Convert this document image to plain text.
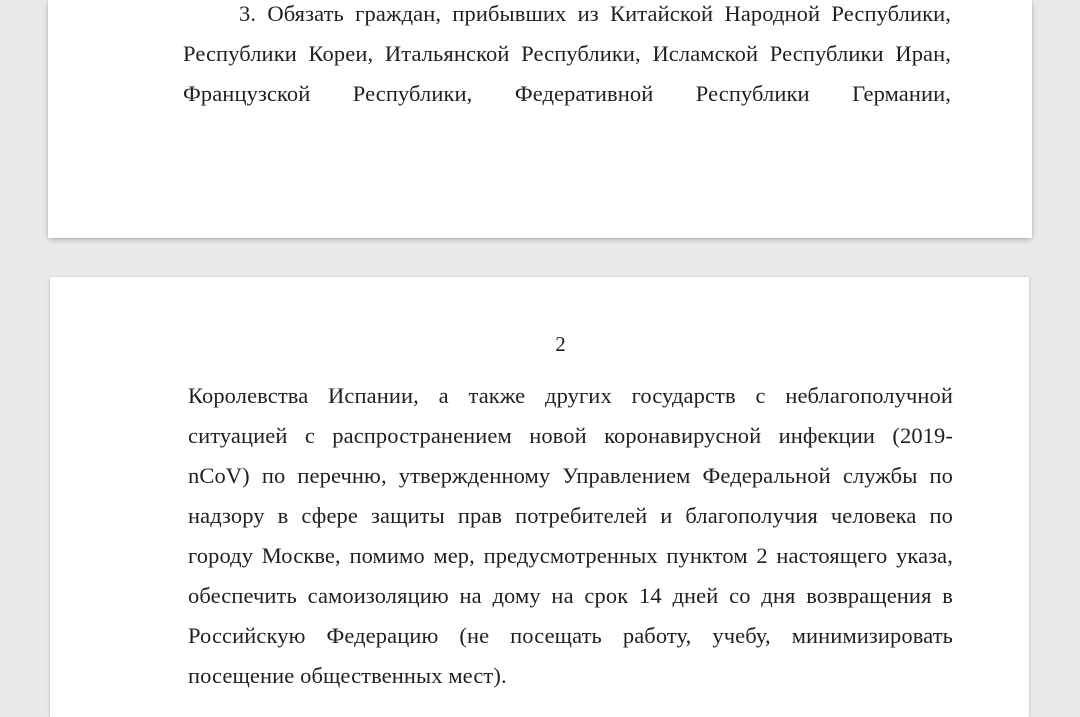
3. Обязать граждан, прибывших из Китайской Народной Республики,
Республики Кореи, Итальянской Республики, Исламской Республики Иран,
Французской Республики, Федеративной Республики Германии,
2
Королевства Испании, а также других государств с неблагополучной
ситуацией с распространением новой коронавирусной инфекции (2019-
nCoV) по перечню, утвержденному Управлением Федеральной службы по
надзору в сфере защиты прав потребителей и благополучия человека по
городу Москве, помимо мер, предусмотренных пунктом 2 настоящего указа,
обеспечить самоизоляцию на дому на срок 14 дней со дня возвращения в
Российскую Федерацию (не посещать работу, учебу, минимизировать
посещение общественных мест).
